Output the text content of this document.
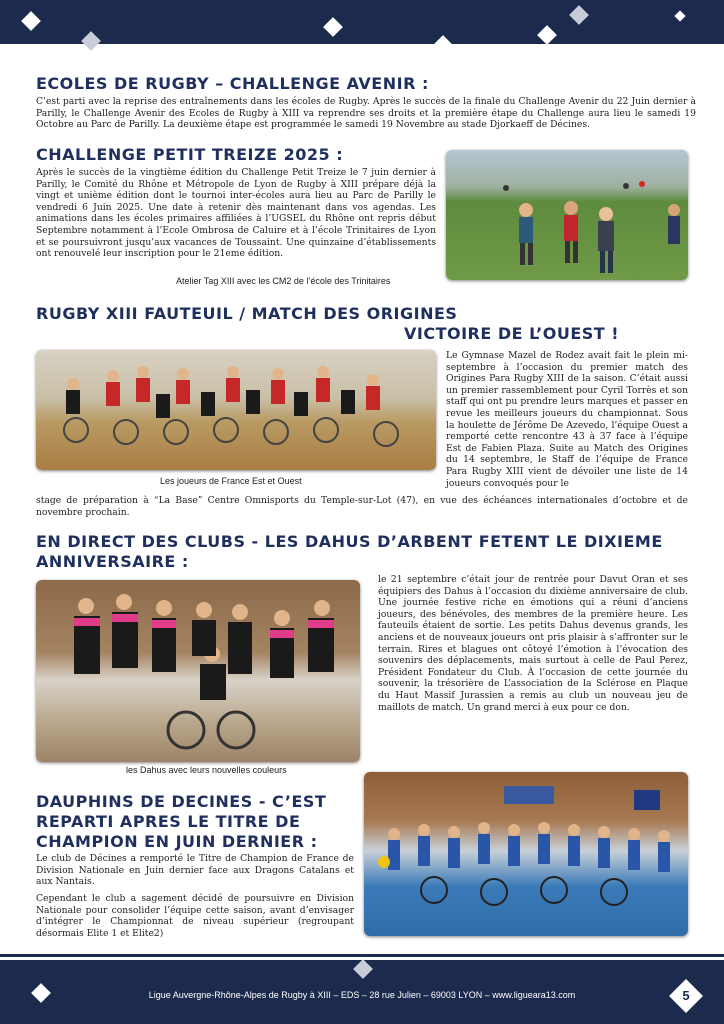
ECOLES DE RUGBY – CHALLENGE AVENIR :

C’est parti avec la reprise des entraînements dans les écoles de Rugby. Après le succès de la finale du Challenge Avenir du 22 Juin dernier à Parilly, le Challenge Avenir des Ecoles de Rugby à XIII va reprendre ses droits et la première étape du Challenge aura lieu le samedi 19 Octobre au Parc de Parilly. La deuxième étape est programmée le samedi 19 Novembre au stade Djorkaeff de Décines.

CHALLENGE PETIT TREIZE 2025 :

Après le succès de la vingtième édition du Challenge Petit Treize le 7 juin dernier à Parilly, le Comité du Rhône et Métropole de Lyon de Rugby à XIII prépare déjà la vingt et unième édition dont le tournoi inter-écoles aura lieu au Parc de Parilly le vendredi 6 Juin 2025. Une date à retenir dès maintenant dans vos agendas. Les animations dans les écoles primaires affiliées à l’UGSEL du Rhône ont repris début Septembre notamment à l’Ecole Ombrosa de Caluire et à l’école Trinitaires de Lyon et se poursuivront jusqu’aux vacances de Toussaint. Une quinzaine d’établissements ont renouvelé leur inscription pour le 21eme édition.

Atelier Tag XIII avec les CM2 de l’école des Trinitaires
RUGBY XIII FAUTEUIL / MATCH DES ORIGINES
VICTOIRE DE L’OUEST !
Les joueurs de France Est et Ouest

Le Gymnase Mazel de Rodez avait fait le plein mi-septembre à l’occasion du premier match des Origines Para Rugby XIII de la saison. C’était aussi un premier rassemblement pour Cyril Torrès et son staff qui ont pu prendre leurs marques et passer en revue les meilleurs joueurs du championnat. Sous la houlette de Jérôme De Azevedo, l’équipe Ouest a remporté cette rencontre 43 à 37 face à l’équipe Est de Fabien Plaza. Suite au Match des Origines du 14 septembre, le Staff de l’équipe de France Para Rugby XIII vient de dévoiler une liste de 14 joueurs convoqués pour le

stage de préparation à “La Base” Centre Omnisports du Temple-sur-Lot (47), en vue des échéances internationales d’octobre et de novembre prochain.

EN DIRECT DES CLUBS - LES DAHUS D’ARBENT FETENT LE DIXIEME
ANNIVERSAIRE :
les Dahus avec leurs nouvelles couleurs

le 21 septembre c’était jour de rentrée pour Davut Oran et ses équipiers des Dahus à l’occasion du dixième anniversaire de club. Une journée festive riche en émotions qui a réuni d’anciens joueurs, des bénévoles, des membres de la première heure. Les fauteuils étaient de sortie. Les petits Dahus devenus grands, les anciens et de nouveaux joueurs ont pris plaisir à s’affronter sur le terrain. Rires et blagues ont côtoyé l’émotion à l’évocation des souvenirs des déplacements, mais surtout à celle de Paul Perez, Président Fondateur du Club. À l’occasion de cette journée du souvenir, la trésorière de L’association de la Sclérose en Plaque du Haut Massif Jurassien a remis au club un nouveau jeu de maillots de match. Un grand merci à eux pour ce don.

DAUPHINS DE DECINES - C’EST
REPARTI APRES LE TITRE DE
CHAMPION EN JUIN DERNIER :

Le club de Décines a remporté le Titre de Champion de France de Division Nationale en Juin dernier face aux Dragons Catalans et aux Nantais.

Cependant le club a sagement décidé de poursuivre en Division Nationale pour consolider l’équipe cette saison, avant d’envisager d’intégrer le Championnat de niveau supérieur (regroupant désormais Elite 1 et Elite2)

Ligue Auvergne-Rhône-Alpes de Rugby à XIII – EDS – 28 rue Julien – 69003 LYON – www.ligueara13.com	5
